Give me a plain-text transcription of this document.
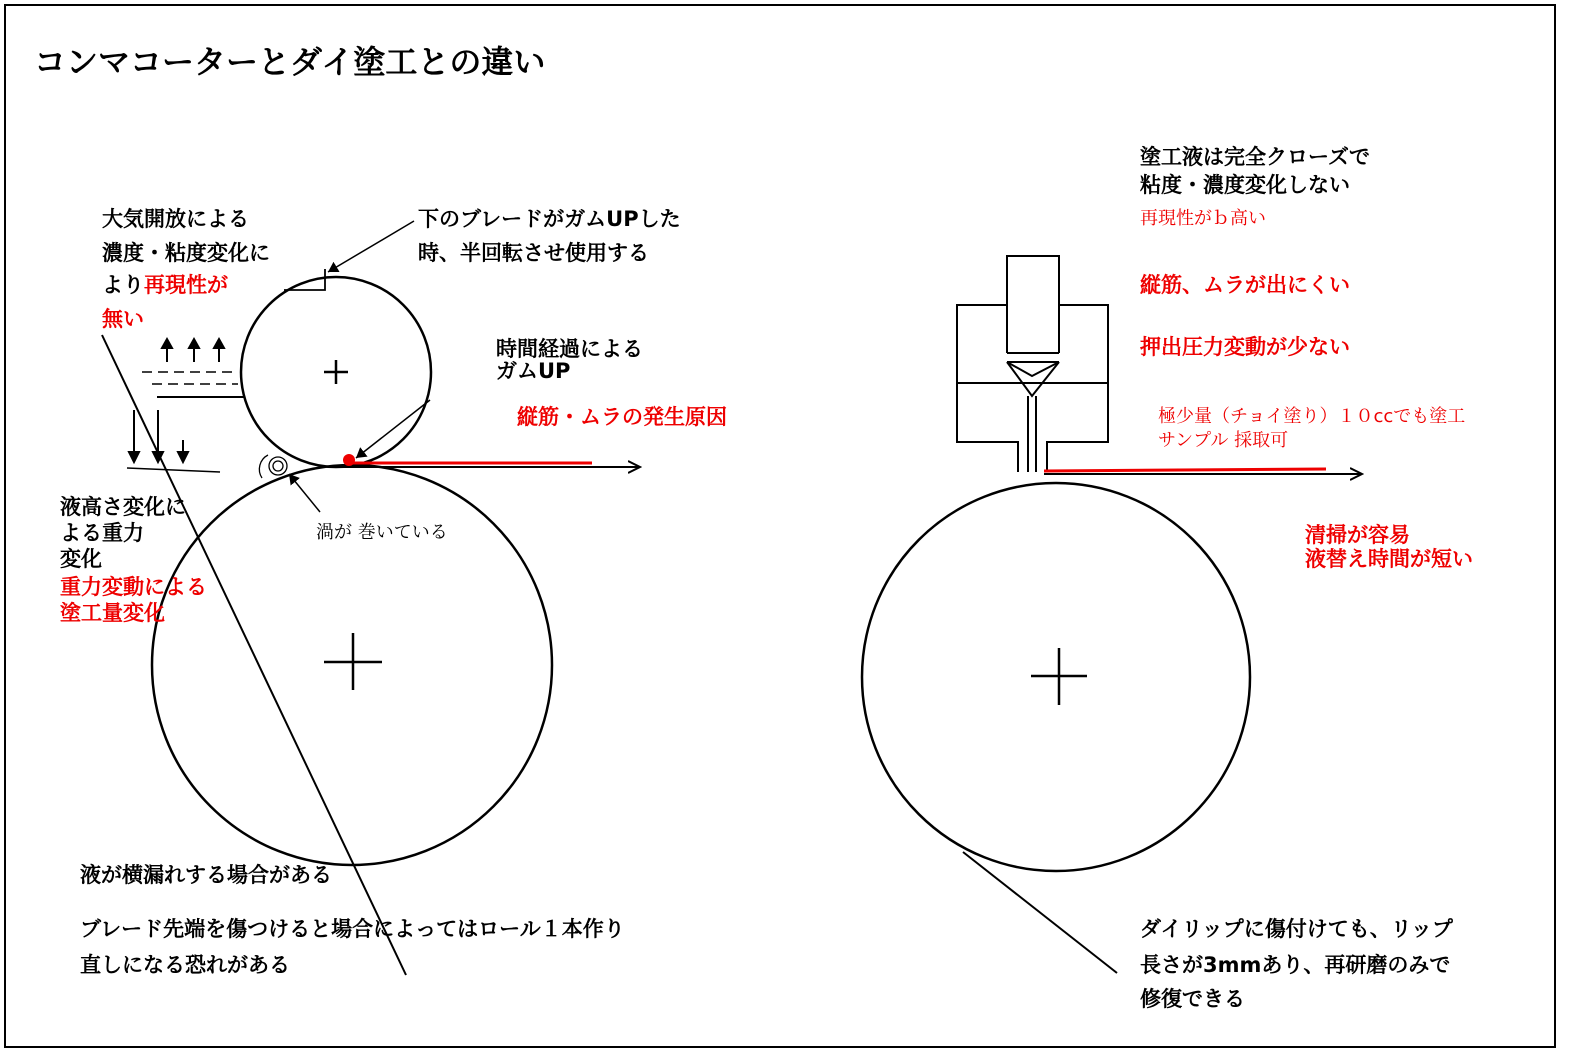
コンマコーターとダイ塗工との違い
大気開放による
濃度・粘度変化に
より再現性が
無い
下のブレードがガムUPした
時、半回転させ使用する
時間経過による
ガムUP
縦筋・ムラの発生原因
液高さ変化に
よる重力
変化
重力変動による
塗工量変化
渦が 巻いている
液が横漏れする場合がある
ブレード先端を傷つけると場合によってはロール１本作り
直しになる恐れがある
塗工液は完全クローズで
粘度・濃度変化しない
再現性がｂ高い
縦筋、ムラが出にくい
押出圧力変動が少ない
極少量（チョイ塗り）１０ccでも塗工
サンプル 採取可
清掃が容易
液替え時間が短い
ダイリップに傷付けても、リップ
長さが3mmあり、再研磨のみで
修復できる
